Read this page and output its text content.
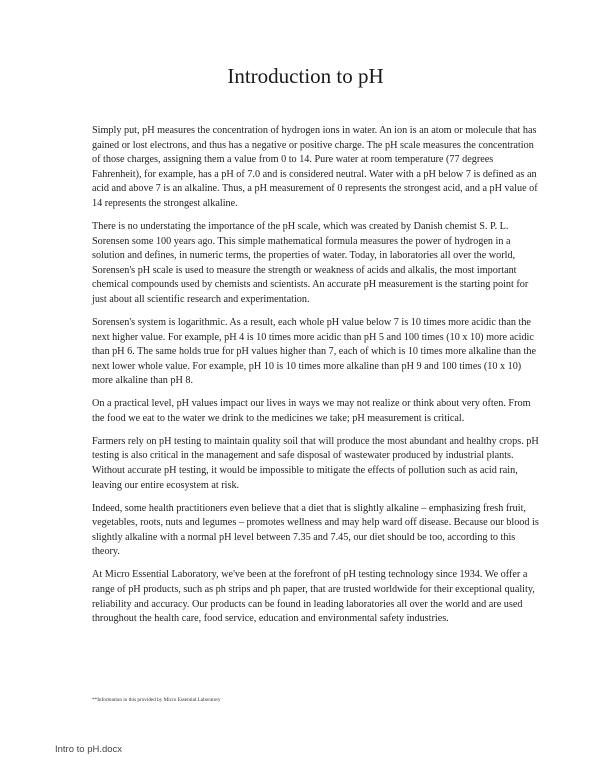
Introduction to pH

Simply put, pH measures the concentration of hydrogen ions in water. An ion is an atom or molecule that has gained or lost electrons, and thus has a negative or positive charge. The pH scale measures the concentration of those charges, assigning them a value from 0 to 14. Pure water at room temperature (77 degrees Fahrenheit), for example, has a pH of 7.0 and is considered neutral. Water with a pH below 7 is defined as an acid and above 7 is an alkaline. Thus, a pH measurement of 0 represents the strongest acid, and a pH value of 14 represents the strongest alkaline.

There is no understating the importance of the pH scale, which was created by Danish chemist S. P. L. Sorensen some 100 years ago. This simple mathematical formula measures the power of hydrogen in a solution and defines, in numeric terms, the properties of water. Today, in laboratories all over the world, Sorensen's pH scale is used to measure the strength or weakness of acids and alkalis, the most important chemical compounds used by chemists and scientists. An accurate pH measurement is the starting point for just about all scientific research and experimentation.

Sorensen's system is logarithmic. As a result, each whole pH value below 7 is 10 times more acidic than the next higher value. For example, pH 4 is 10 times more acidic than pH 5 and 100 times (10 x 10) more acidic than pH 6. The same holds true for pH values higher than 7, each of which is 10 times more alkaline than the next lower whole value. For example, pH 10 is 10 times more alkaline than pH 9 and 100 times (10 x 10) more alkaline than pH 8.

On a practical level, pH values impact our lives in ways we may not realize or think about very often. From the food we eat to the water we drink to the medicines we take; pH measurement is critical.

Farmers rely on pH testing to maintain quality soil that will produce the most abundant and healthy crops. pH testing is also critical in the management and safe disposal of wastewater produced by industrial plants. Without accurate pH testing, it would be impossible to mitigate the effects of pollution such as acid rain, leaving our entire ecosystem at risk.

Indeed, some health practitioners even believe that a diet that is slightly alkaline – emphasizing fresh fruit, vegetables, roots, nuts and legumes – promotes wellness and may help ward off disease. Because our blood is slightly alkaline with a normal pH level between 7.35 and 7.45, our diet should be too, according to this theory.

At Micro Essential Laboratory, we've been at the forefront of pH testing technology since 1934. We offer a range of pH products, such as ph strips and ph paper, that are trusted worldwide for their exceptional quality, reliability and accuracy. Our products can be found in leading laboratories all over the world and are used throughout the health care, food service, education and environmental safety industries.

**Information in this provided by Micro Essential Laboratory
Intro to pH.docx
